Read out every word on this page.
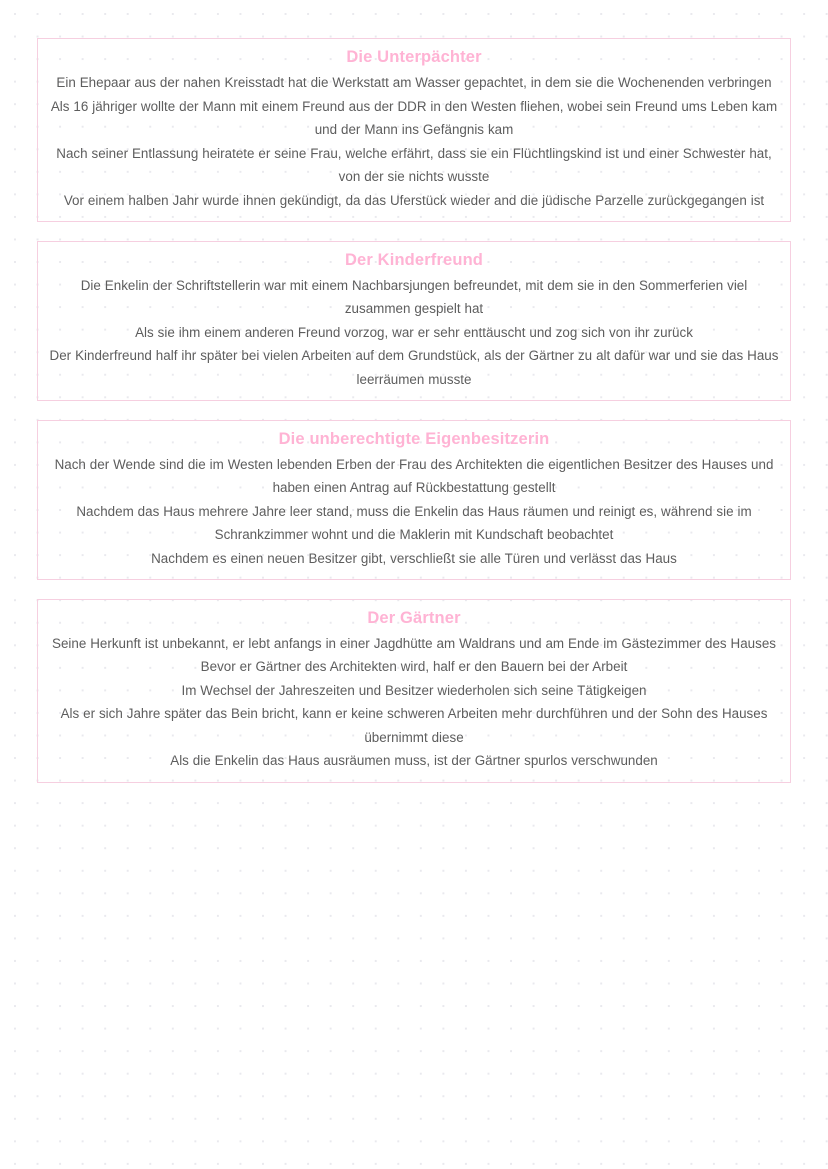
Die Unterpächter
Ein Ehepaar aus der nahen Kreisstadt hat die Werkstatt am Wasser gepachtet, in dem sie die Wochenenden verbringen
Als 16 jähriger wollte der Mann mit einem Freund aus der DDR in den Westen fliehen, wobei sein Freund ums Leben kam und der Mann ins Gefängnis kam
Nach seiner Entlassung heiratete er seine Frau, welche erfährt, dass sie ein Flüchtlingskind ist und einer Schwester hat, von der sie nichts wusste
Vor einem halben Jahr wurde ihnen gekündigt, da das Uferstück wieder and die jüdische Parzelle zurückgegangen ist
Der Kinderfreund
Die Enkelin der Schriftstellerin war mit einem Nachbarsjungen befreundet, mit dem sie in den Sommerferien viel zusammen gespielt hat
Als sie ihm einem anderen Freund vorzog, war er sehr enttäuscht und zog sich von ihr zurück
Der Kinderfreund half ihr später bei vielen Arbeiten auf dem Grundstück, als der Gärtner zu alt dafür war und sie das Haus leerräumen musste
Die unberechtigte Eigenbesitzerin
Nach der Wende sind die im Westen lebenden Erben der Frau des Architekten die eigentlichen Besitzer des Hauses und haben einen Antrag auf Rückbestattung gestellt
Nachdem das Haus mehrere Jahre leer stand, muss die Enkelin das Haus räumen und reinigt es, während sie im Schrankzimmer wohnt und die Maklerin mit Kundschaft beobachtet
Nachdem es einen neuen Besitzer gibt, verschließt sie alle Türen und verlässt das Haus
Der Gärtner
Seine Herkunft ist unbekannt, er lebt anfangs in einer Jagdhütte am Waldrans und am Ende im Gästezimmer des Hauses
Bevor er Gärtner des Architekten wird, half er den Bauern bei der Arbeit
Im Wechsel der Jahreszeiten und Besitzer wiederholen sich seine Tätigkeigen
Als er sich Jahre später das Bein bricht, kann er keine schweren Arbeiten mehr durchführen und der Sohn des Hauses übernimmt diese
Als die Enkelin das Haus ausräumen muss, ist der Gärtner spurlos verschwunden
